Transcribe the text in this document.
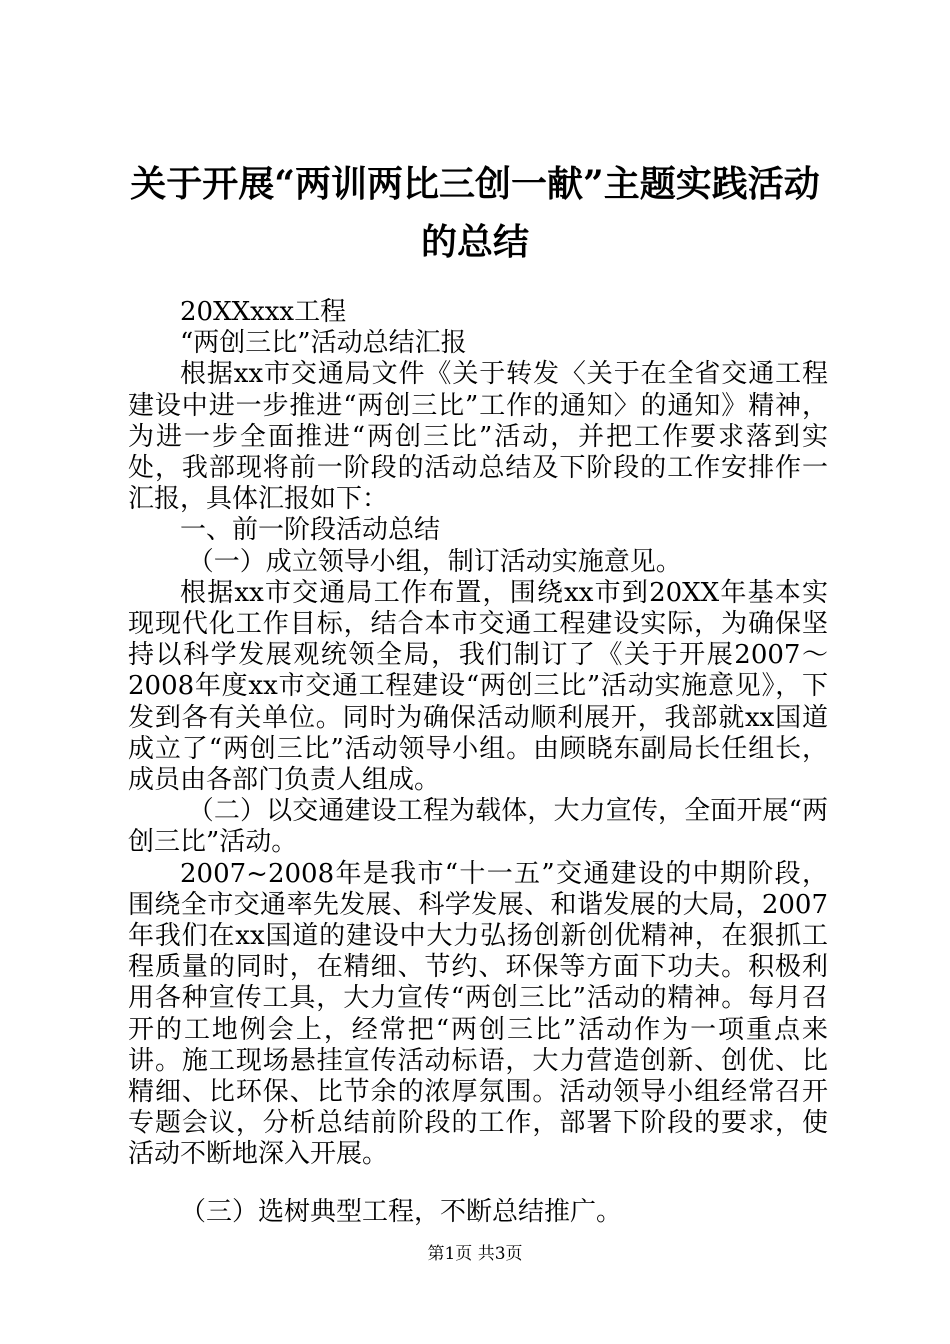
关于开展“两训两比三创一献”主题实践活动
的总结

20XXxxx工程

“两创三比”活动总结汇报

根据xx市交通局文件《关于转发〈关于在全省交通工程建设中进一步推进“两创三比”工作的通知〉的通知》精神，为进一步全面推进“两创三比”活动，并把工作要求落到实处，我部现将前一阶段的活动总结及下阶段的工作安排作一汇报，具体汇报如下：

一、前一阶段活动总结

（一）成立领导小组，制订活动实施意见。

根据xx市交通局工作布置，围绕xx市到20XX年基本实现现代化工作目标，结合本市交通工程建设实际，为确保坚持以科学发展观统领全局，我们制订了《关于开展2007～2008年度xx市交通工程建设“两创三比”活动实施意见》，下发到各有关单位。同时为确保活动顺利展开，我部就xx国道成立了“两创三比”活动领导小组。由顾晓东副局长任组长，成员由各部门负责人组成。

（二）以交通建设工程为载体，大力宣传，全面开展“两创三比”活动。

2007~2008年是我市“十一五”交通建设的中期阶段，围绕全市交通率先发展、科学发展、和谐发展的大局，2007年我们在xx国道的建设中大力弘扬创新创优精神，在狠抓工程质量的同时，在精细、节约、环保等方面下功夫。积极利用各种宣传工具，大力宣传“两创三比”活动的精神。每月召开的工地例会上，经常把“两创三比”活动作为一项重点来讲。施工现场悬挂宣传活动标语，大力营造创新、创优、比精细、比环保、比节余的浓厚氛围。活动领导小组经常召开专题会议，分析总结前阶段的工作，部署下阶段的要求，使活动不断地深入开展。

（三）选树典型工程，不断总结推广。

第1页 共3页
